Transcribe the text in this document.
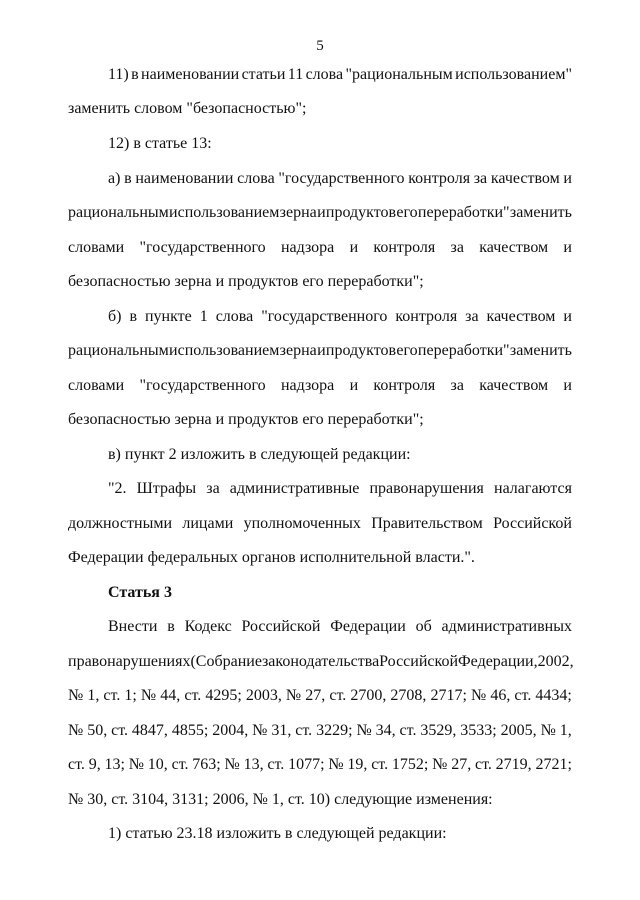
5
11) в наименовании статьи 11 слова "рациональным использованием"
заменить словом "безопасностью";
12) в статье 13:
а) в наименовании слова "государственного контроля за качеством и
рациональным использованием зерна и продуктов его переработки" заменить
словами "государственного надзора и контроля за качеством и
безопасностью зерна и продуктов его переработки";
б) в пункте 1 слова "государственного контроля за качеством и
рациональным использованием зерна и продуктов его переработки" заменить
словами "государственного надзора и контроля за качеством и
безопасностью зерна и продуктов его переработки";
в) пункт 2 изложить в следующей редакции:
"2. Штрафы за административные правонарушения налагаются
должностными лицами уполномоченных Правительством Российской
Федерации федеральных органов исполнительной власти.".
Статья 3
Внести в Кодекс Российской Федерации об административных
правонарушениях (Собрание законодательства Российской Федерации, 2002,
№ 1, ст. 1; № 44, ст. 4295; 2003, № 27, ст. 2700, 2708, 2717; № 46, ст. 4434;
№ 50, ст. 4847, 4855; 2004, № 31, ст. 3229; № 34, ст. 3529, 3533; 2005, № 1,
ст. 9, 13; № 10, ст. 763; № 13, ст. 1077; № 19, ст. 1752; № 27, ст. 2719, 2721;
№ 30, ст. 3104, 3131; 2006, № 1, ст. 10) следующие изменения:
1) статью 23.18 изложить в следующей редакции:
